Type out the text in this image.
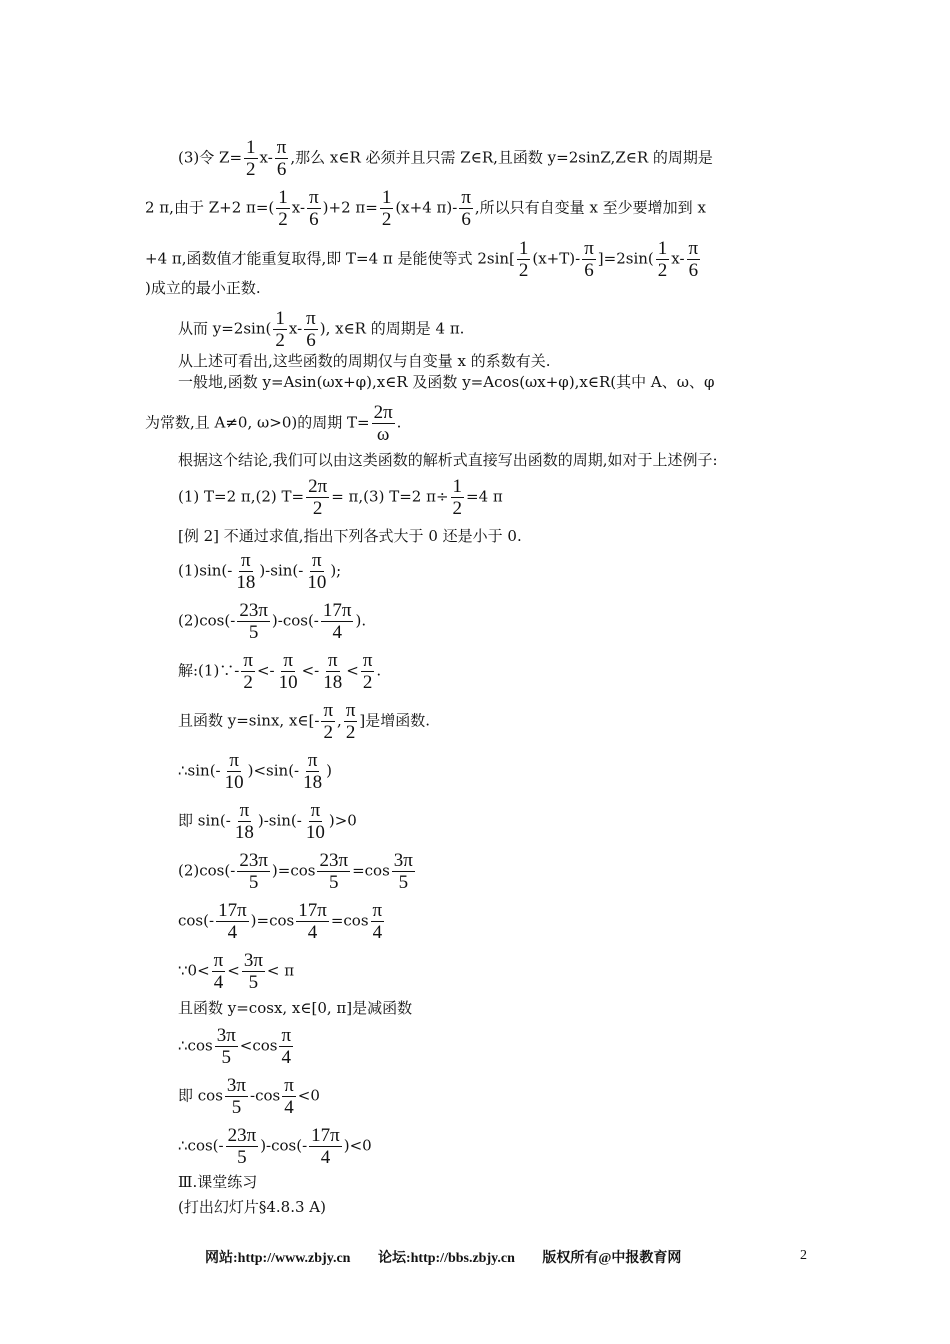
(3)令 $Z= \frac{1}{2} x- \frac{\pi}{6}$ ,那么 x∈R 必须并且只需 Z∈R,且函数 y=2sinZ,Z∈R 的周期是
2 π,由于 Z+2 $\pi=( \frac{1}{2} x- \frac{\pi}{6} )+2$ $\pi= \frac{1}{2} (x+4$ $\pi)- \frac{\pi}{6}$ ,所以只有自变量 x 至少要增加到 x
+4 π,函数值才能重复取得,即 T=4 π 是能使等式 $2\sin[ \frac{1}{2} (x+T)- \frac{\pi}{6} ]=2\sin( \frac{1}{2} x- \frac{\pi}{6}$
)成立的最小正数.
从而 $y=2\sin( \frac{1}{2} x- \frac{\pi}{6}$ ), x∈R 的周期是 4 π.
从上述可看出,这些函数的周期仅与自变量 x 的系数有关.
一般地,函数 y=Asin(ωx+φ),x∈R 及函数 y=Acos(ωx+φ),x∈R(其中 A、ω、φ
为常数,且 A≠0, ω>0)的周期 $T= \frac{2\pi}{\omega}$ .
根据这个结论,我们可以由这类函数的解析式直接写出函数的周期,如对于上述例子:
(1) T=2 π,(2) $T= \frac{2\pi}{2} = \pi,(3)$ T=2 $\pi\div \frac{1}{2} =4$ π
[例 2] 不通过求值,指出下列各式大于 0 还是小于 0.
$(1)\sin(- \frac{\pi}{18} )-\sin(- \frac{\pi}{10}$ );
$(2)\cos(- \frac{23\pi}{5} )-\cos(- \frac{17\pi}{4}$ ).
解:(1)∵- $\frac{\pi}{2} <- \frac{\pi}{10} <- \frac{\pi}{18} < \frac{\pi}{2}$ .
且函数 y=sinx, x∈[- $\frac{\pi}{2}$ , $\frac{\pi}{2}$ ]是增函数.
∴sin(- $\frac{\pi}{10} )<\sin(- \frac{\pi}{18}$ )
即 $\sin(- \frac{\pi}{18} )-\sin(- \frac{\pi}{10} )>0$
$(2)\cos(- \frac{23\pi}{5} )=\cos \frac{23\pi}{5} =\cos \frac{3\pi}{5}$
$\cos(- \frac{17\pi}{4} )=\cos \frac{17\pi}{4} =\cos \frac{\pi}{4}$
∵0< $\frac{\pi}{4} < \frac{3\pi}{5} < \pi$
且函数 y=cosx, x∈[0, π]是减函数
∴cos $\frac{3\pi}{5} <\cos \frac{\pi}{4}$
即 $\cos \frac{3\pi}{5} -\cos \frac{\pi}{4} <0$
∴cos(- $\frac{23\pi}{5} )-\cos(- \frac{17\pi}{4} )<0$
Ⅲ.课堂练习
(打出幻灯片§4.8.3 A)
网站:http://www.zbjy.cn 论坛:http://bbs.zbjy.cn 版权所有@中报教育网	2
